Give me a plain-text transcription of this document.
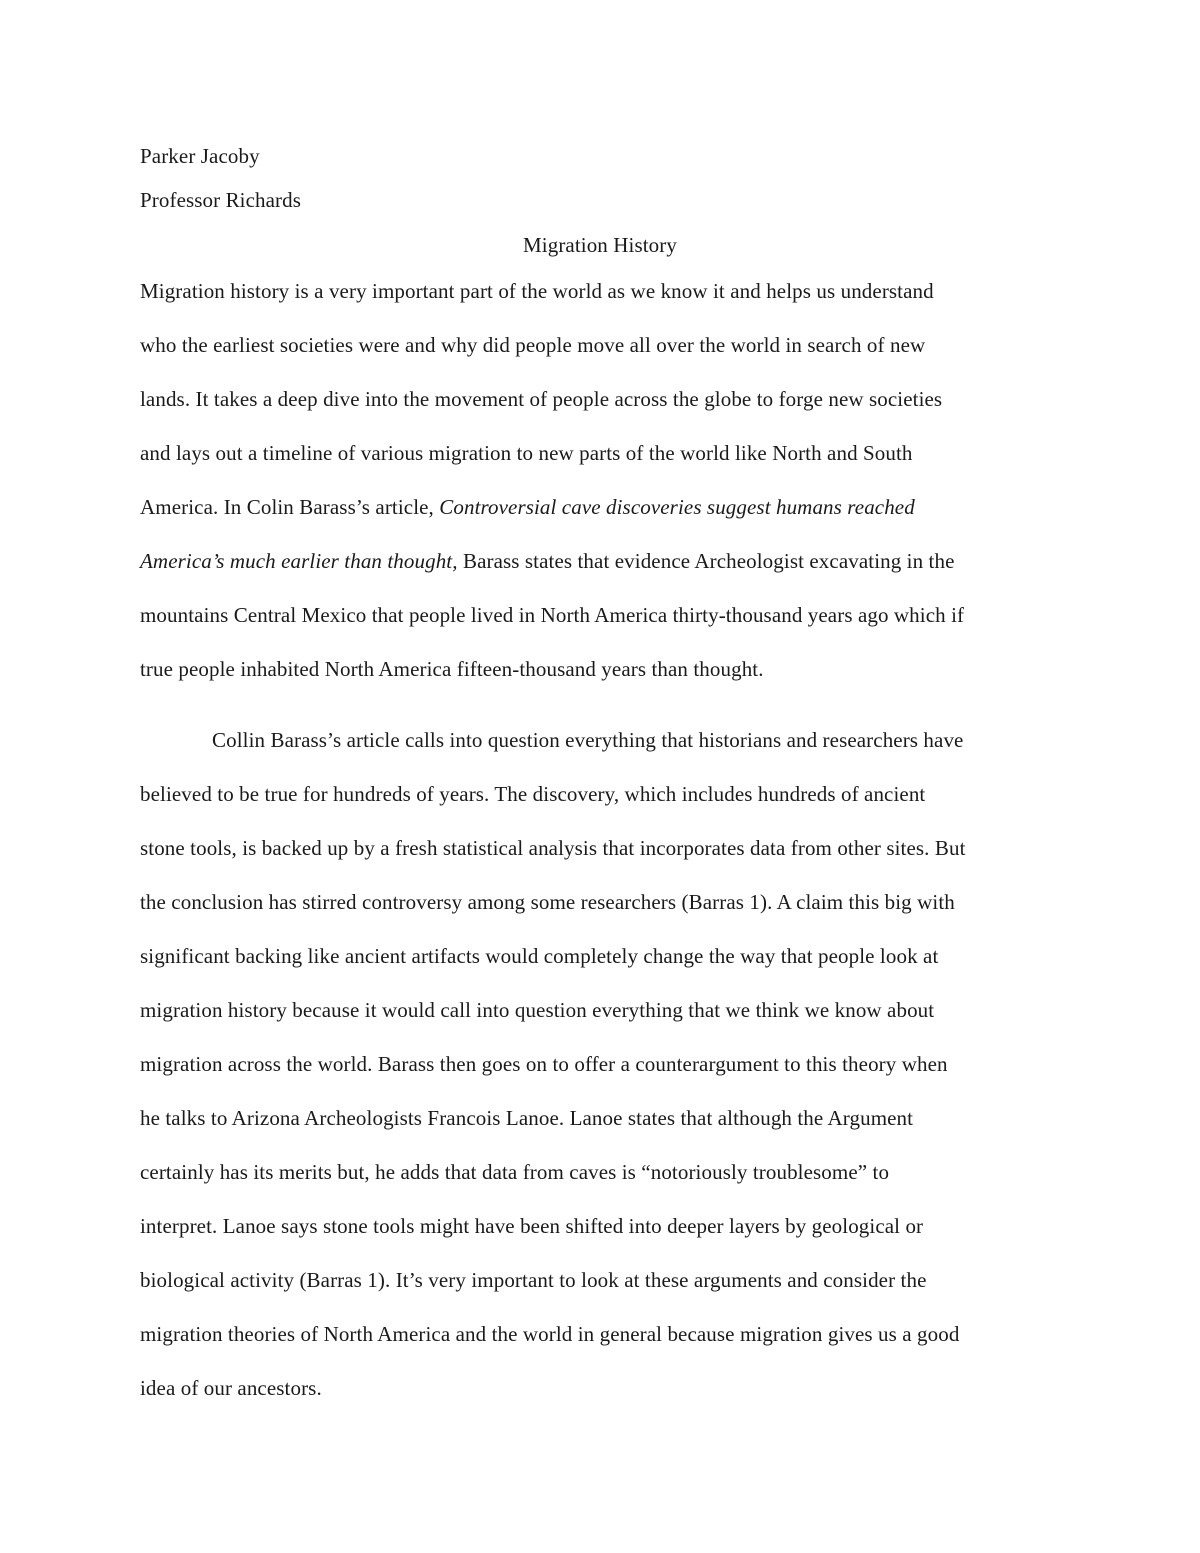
Parker Jacoby
Professor Richards
Migration History
Migration history is a very important part of the world as we know it and helps us understand
who the earliest societies were and why did people move all over the world in search of new
lands. It takes a deep dive into the movement of people across the globe to forge new societies
and lays out a timeline of various migration to new parts of the world like North and South
America. In Colin Barass’s article, Controversial cave discoveries suggest humans reached
America’s much earlier than thought, Barass states that evidence Archeologist excavating in the
mountains Central Mexico that people lived in North America thirty-thousand years ago which if
true people inhabited North America fifteen-thousand years than thought.
Collin Barass’s article calls into question everything that historians and researchers have
believed to be true for hundreds of years. The discovery, which includes hundreds of ancient
stone tools, is backed up by a fresh statistical analysis that incorporates data from other sites. But
the conclusion has stirred controversy among some researchers (Barras 1). A claim this big with
significant backing like ancient artifacts would completely change the way that people look at
migration history because it would call into question everything that we think we know about
migration across the world. Barass then goes on to offer a counterargument to this theory when
he talks to Arizona Archeologists Francois Lanoe. Lanoe states that although the Argument
certainly has its merits but, he adds that data from caves is “notoriously troublesome” to
interpret. Lanoe says stone tools might have been shifted into deeper layers by geological or
biological activity (Barras 1). It’s very important to look at these arguments and consider the
migration theories of North America and the world in general because migration gives us a good
idea of our ancestors.
